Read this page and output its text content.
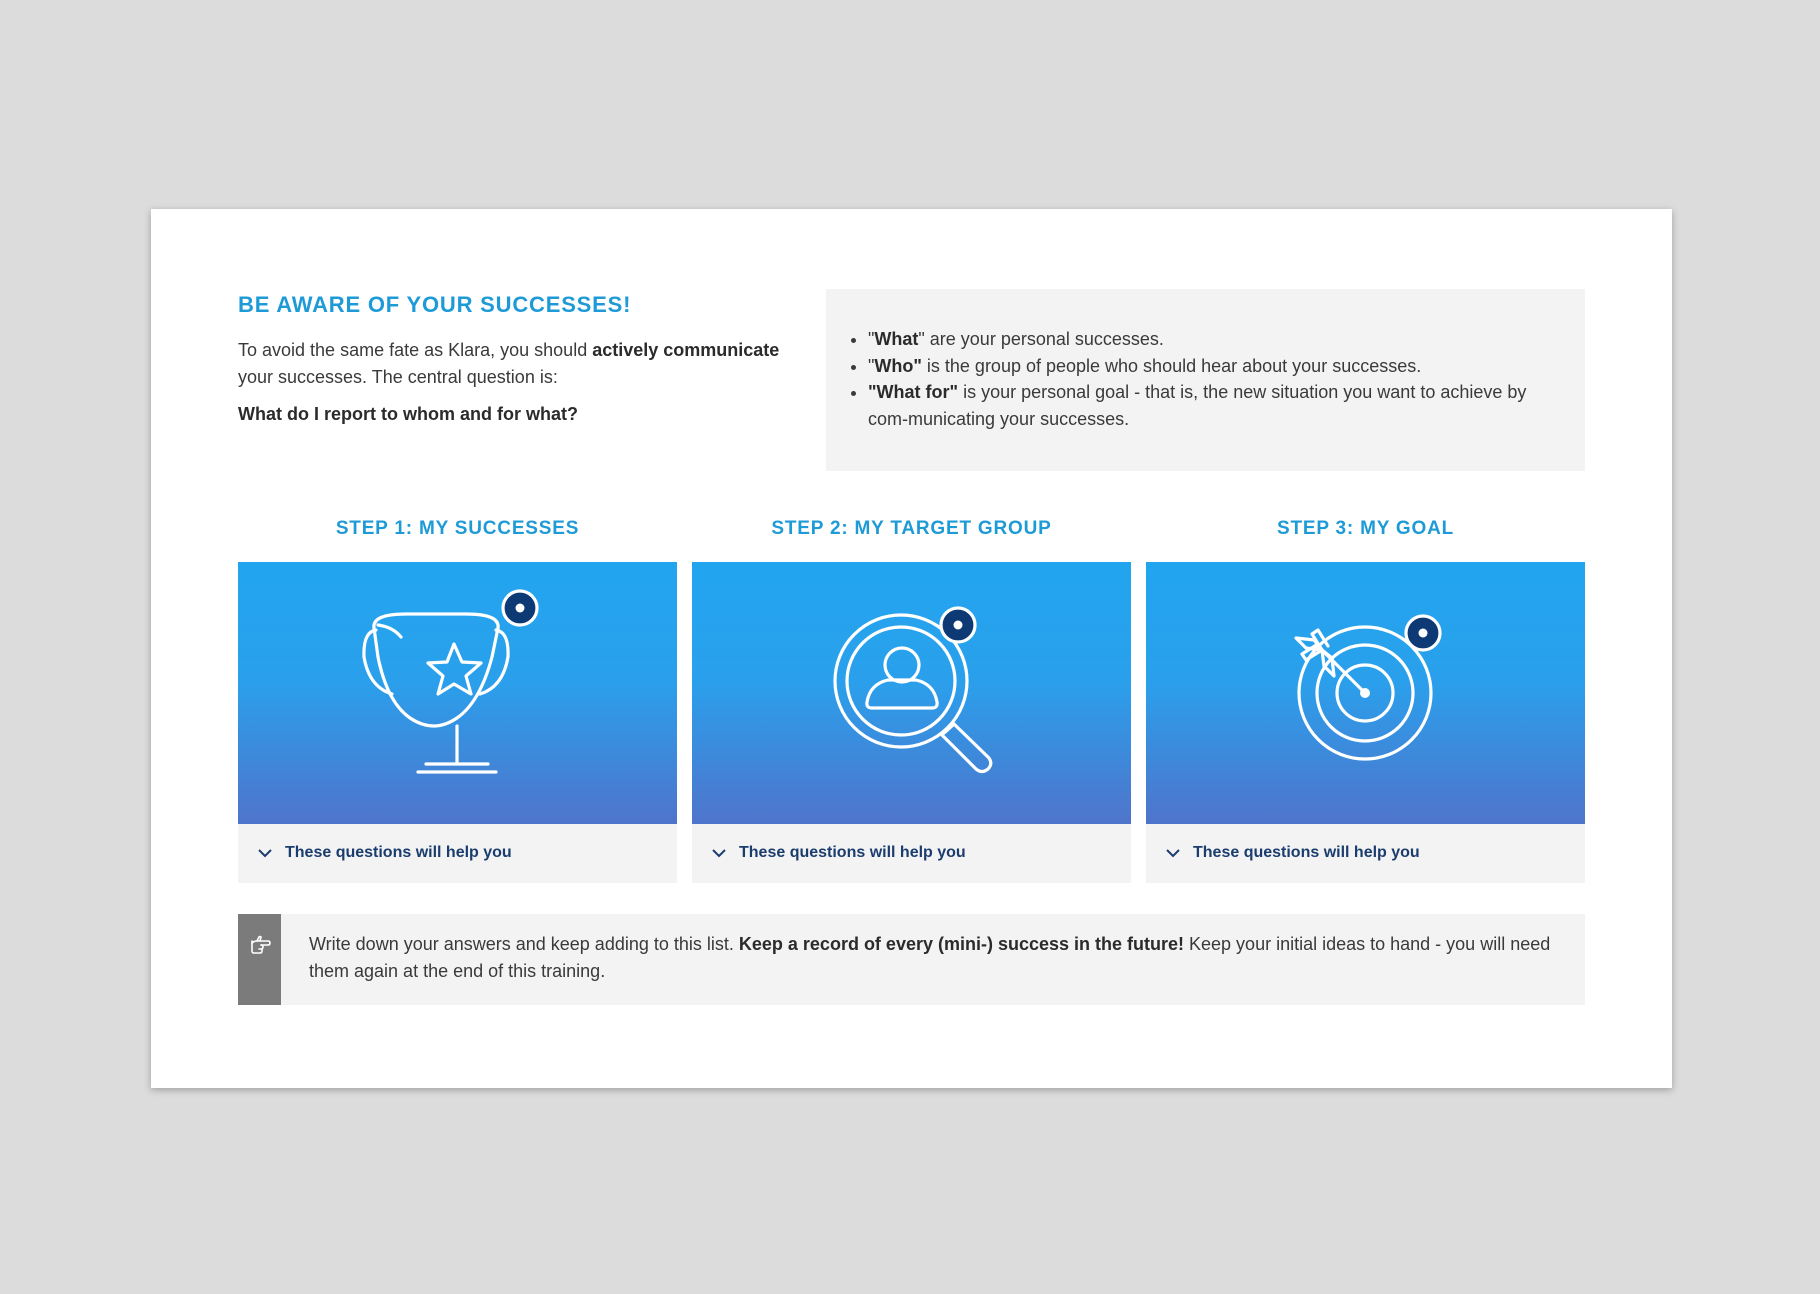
BE AWARE OF YOUR SUCCESSES!

To avoid the same fate as Klara, you should actively communicate your successes. The central question is:

What do I report to whom and for what?

• "What" are your personal successes.
• "Who" is the group of people who should hear about your successes.
• "What for" is your personal goal - that is, the new situation you want to achieve by com-municating your successes.
STEP 1: MY SUCCESSES
These questions will help you
STEP 2: MY TARGET GROUP
These questions will help you
STEP 3: MY GOAL
These questions will help you

Write down your answers and keep adding to this list. Keep a record of every (mini-) success in the future! Keep your initial ideas to hand - you will need them again at the end of this training.
